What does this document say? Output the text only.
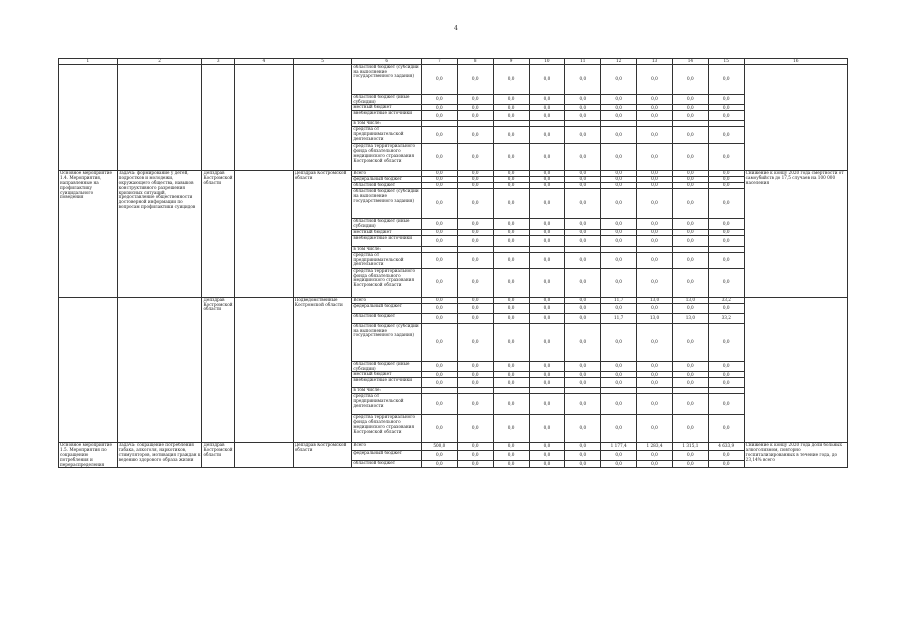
4
1	2	3	4	5	6	7	8	9	10	11	12	13	14	15	16
					областной бюджет (субсидии на выполнение государственного задания)	0,0	0,0	0,0	0,0	0,0	0,0	0,0	0,0	0,0	
					областной бюджет (иные субсидии)	0,0	0,0	0,0	0,0	0,0	0,0	0,0	0,0	0,0	
					местный бюджет	0,0	0,0	0,0	0,0	0,0	0,0	0,0	0,0	0,0	
					внебюджетные источники	0,0	0,0	0,0	0,0	0,0	0,0	0,0	0,0	0,0	
					в том числе:										
					средства от предпринимательской деятельности	0,0	0,0	0,0	0,0	0,0	0,0	0,0	0,0	0,0	
					средства территориального фонда обязательного медицинского страхования Костромской области	0,0	0,0	0,0	0,0	0,0	0,0	0,0	0,0	0,0	
Основное мероприятие 1.4. Мероприятия, направленные на профилактику суицидального поведения	Задача: формирование у детей, подростков и молодежи, окружающего общества, навыков конструктивного разрешения кризисных ситуаций, предоставление общественности достоверной информации по вопросам профилактики суицидов	Депздрав Костромской области		Депздрав Костромской области	Всего	0,0	0,0	0,0	0,0	0,0	0,0	0,0	0,0	0,0	Снижение к концу 2020 года смертности от самоубийств до 17,5 случаев на 100 000 населения
					федеральный бюджет	0,0	0,0	0,0	0,0	0,0	0,0	0,0	0,0	0,0	
					областной бюджет	0,0	0,0	0,0	0,0	0,0	0,0	0,0	0,0	0,0	
					областной бюджет (субсидии на выполнение государственного задания)	0,0	0,0	0,0	0,0	0,0	0,0	0,0	0,0	0,0	
					областной бюджет (иные субсидии)	0,0	0,0	0,0	0,0	0,0	0,0	0,0	0,0	0,0	
					местный бюджет	0,0	0,0	0,0	0,0	0,0	0,0	0,0	0,0	0,0	
					внебюджетные источники	0,0	0,0	0,0	0,0	0,0	0,0	0,0	0,0	0,0	
					в том числе:										
					средства от предпринимательской деятельности	0,0	0,0	0,0	0,0	0,0	0,0	0,0	0,0	0,0	
					средства территориального фонда обязательного медицинского страхования Костромской области	0,0	0,0	0,0	0,0	0,0	0,0	0,0	0,0	0,0	
		Депздрав Костромской области		Подведомственные Костромской области	Всего	0,0	0,0	0,0	0,0	0,0	11,7	13,0	13,0	33,2	
					федеральный бюджет	0,0	0,0	0,0	0,0	0,0	0,0	0,0	0,0	0,0	
					областной бюджет	0,0	0,0	0,0	0,0	0,0	11,7	13,0	13,0	33,2	
					областной бюджет (субсидии на выполнение государственного задания)	0,0	0,0	0,0	0,0	0,0	0,0	0,0	0,0	0,0	
					областной бюджет (иные субсидии)	0,0	0,0	0,0	0,0	0,0	0,0	0,0	0,0	0,0	
					местный бюджет	0,0	0,0	0,0	0,0	0,0	0,0	0,0	0,0	0,0	
					внебюджетные источники	0,0	0,0	0,0	0,0	0,0	0,0	0,0	0,0	0,0	
					в том числе:										
					средства от предпринимательской деятельности	0,0	0,0	0,0	0,0	0,0	0,0	0,0	0,0	0,0	
					средства территориального фонда обязательного медицинского страхования Костромской области	0,0	0,0	0,0	0,0	0,0	0,0	0,0	0,0	0,0	
Основное мероприятие 1.5. Мероприятия по сокращению потребления и перераспределения	Задача: сокращение потребления табака, алкоголя, наркотиков, стимуляторов, мотивация граждан к ведению здорового образа жизни	Депздрав Костромской области		Депздрав Костромской области	Всего	500,0	0,0	0,0	0,0	0,0	1 177,4	1 283,4	1 315,1	4 633,9	Снижение к концу 2020 года доли больных алкоголизмом, повторно госпитализированных в течение года, до 23,14% всего
					федеральный бюджет	0,0	0,0	0,0	0,0	0,0	0,0	0,0	0,0	0,0	
					областной бюджет	0,0	0,0	0,0	0,0	0,0	0,0	0,0	0,0	0,0	
